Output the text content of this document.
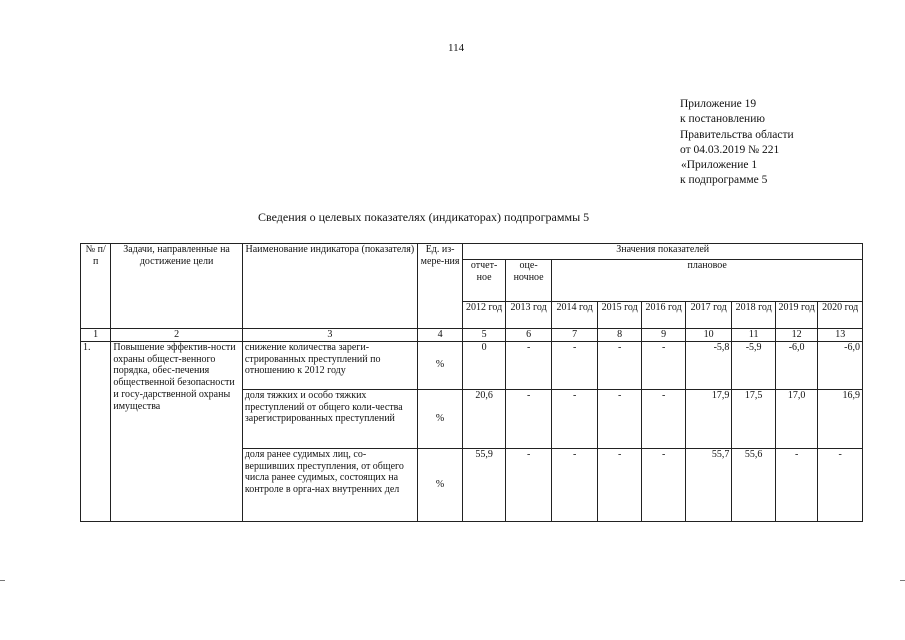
114
Приложение 19
к постановлению
Правительства области
от 04.03.2019 № 221
«Приложение 1
к подпрограмме 5
Сведения о целевых показателях (индикаторах) подпрограммы 5
№ п/п	Задачи, направленные на достижение цели	Наименование индикатора (показателя)	Ед. из-мере-ния	Значения показателей								
				отчет-ное	оце-ночное	плановое						
				2012 год	2013 год	2014 год	2015 год	2016 год	2017 год	2018 год	2019 год	2020 год
1	2	3	4	5	6	7	8	9	10	11	12	13
1.	Повышение эффектив-ности охраны общест-венного порядка, обес-печения общественной безопасности и госу-дарственной охраны имущества	снижение количества зареги-стрированных преступлений по отношению к 2012 году	%	0	-	-	-	-	-5,8	-5,9	-6,0	-6,0
		доля тяжких и особо тяжких преступлений от общего коли-чества зарегистрированных преступлений	%	20,6	-	-	-	-	17,9	17,5	17,0	16,9
		доля ранее судимых лиц, со-вершивших преступления, от общего числа ранее судимых, состоящих на контроле в орга-нах внутренних дел	%	55,9	-	-	-	-	55,7	55,6	-	-
